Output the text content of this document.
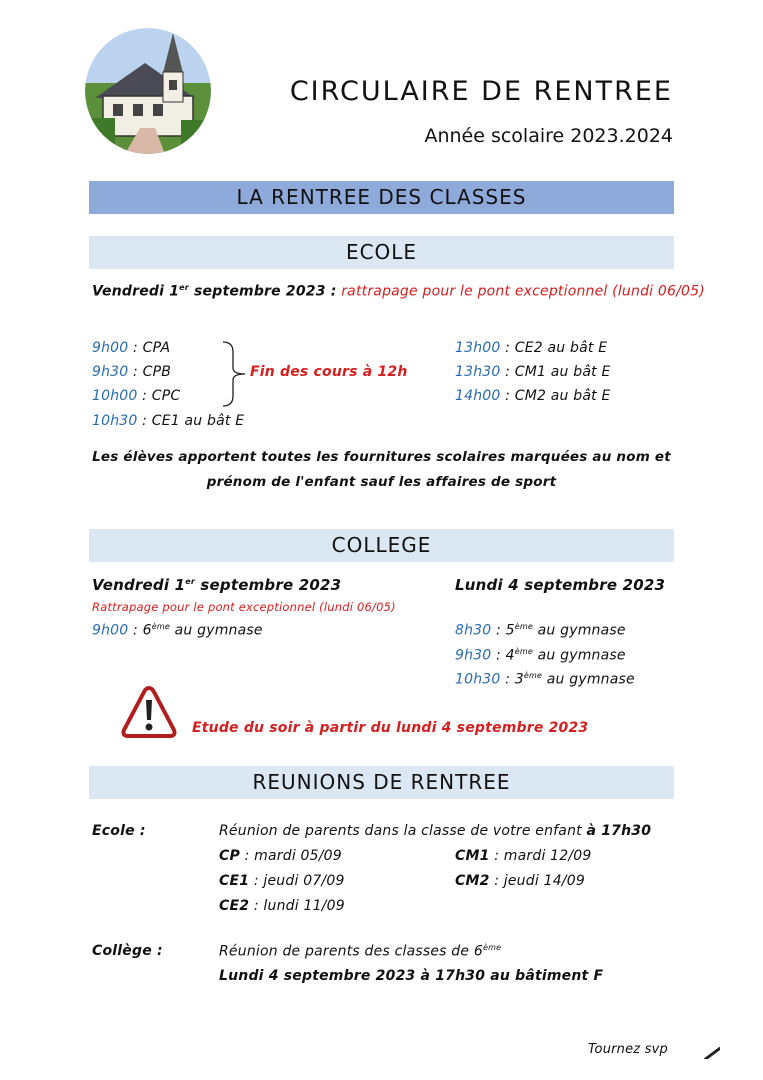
CIRCULAIRE DE RENTREE
Année scolaire 2023.2024
LA RENTREE DES CLASSES
ECOLE
Vendredi 1er septembre 2023 : rattrapage pour le pont exceptionnel (lundi 06/05)
9h00 : CPA
9h30 : CPB
10h00 : CPC
10h30 : CE1 au bât E
Fin des cours à 12h
13h00 : CE2 au bât E
13h30 : CM1 au bât E
14h00 : CM2 au bât E
Les élèves apportent toutes les fournitures scolaires marquées au nom et
prénom de l'enfant sauf les affaires de sport
COLLEGE
Vendredi 1er septembre 2023
Rattrapage pour le pont exceptionnel (lundi 06/05)
9h00 : 6ème au gymnase
Lundi 4 septembre 2023
8h30 : 5ème au gymnase
9h30 : 4ème au gymnase
10h30 : 3ème au gymnase
Etude du soir à partir du lundi 4 septembre 2023
REUNIONS DE RENTREE
Ecole :	Réunion de parents dans la classe de votre enfant à 17h30
CP : mardi 05/09
CE1 : jeudi 07/09
CE2 : lundi 11/09
CM1 : mardi 12/09
CM2 : jeudi 14/09
Collège :	Réunion de parents des classes de 6ème
Lundi 4 septembre 2023 à 17h30 au bâtiment F
Tournez svp
